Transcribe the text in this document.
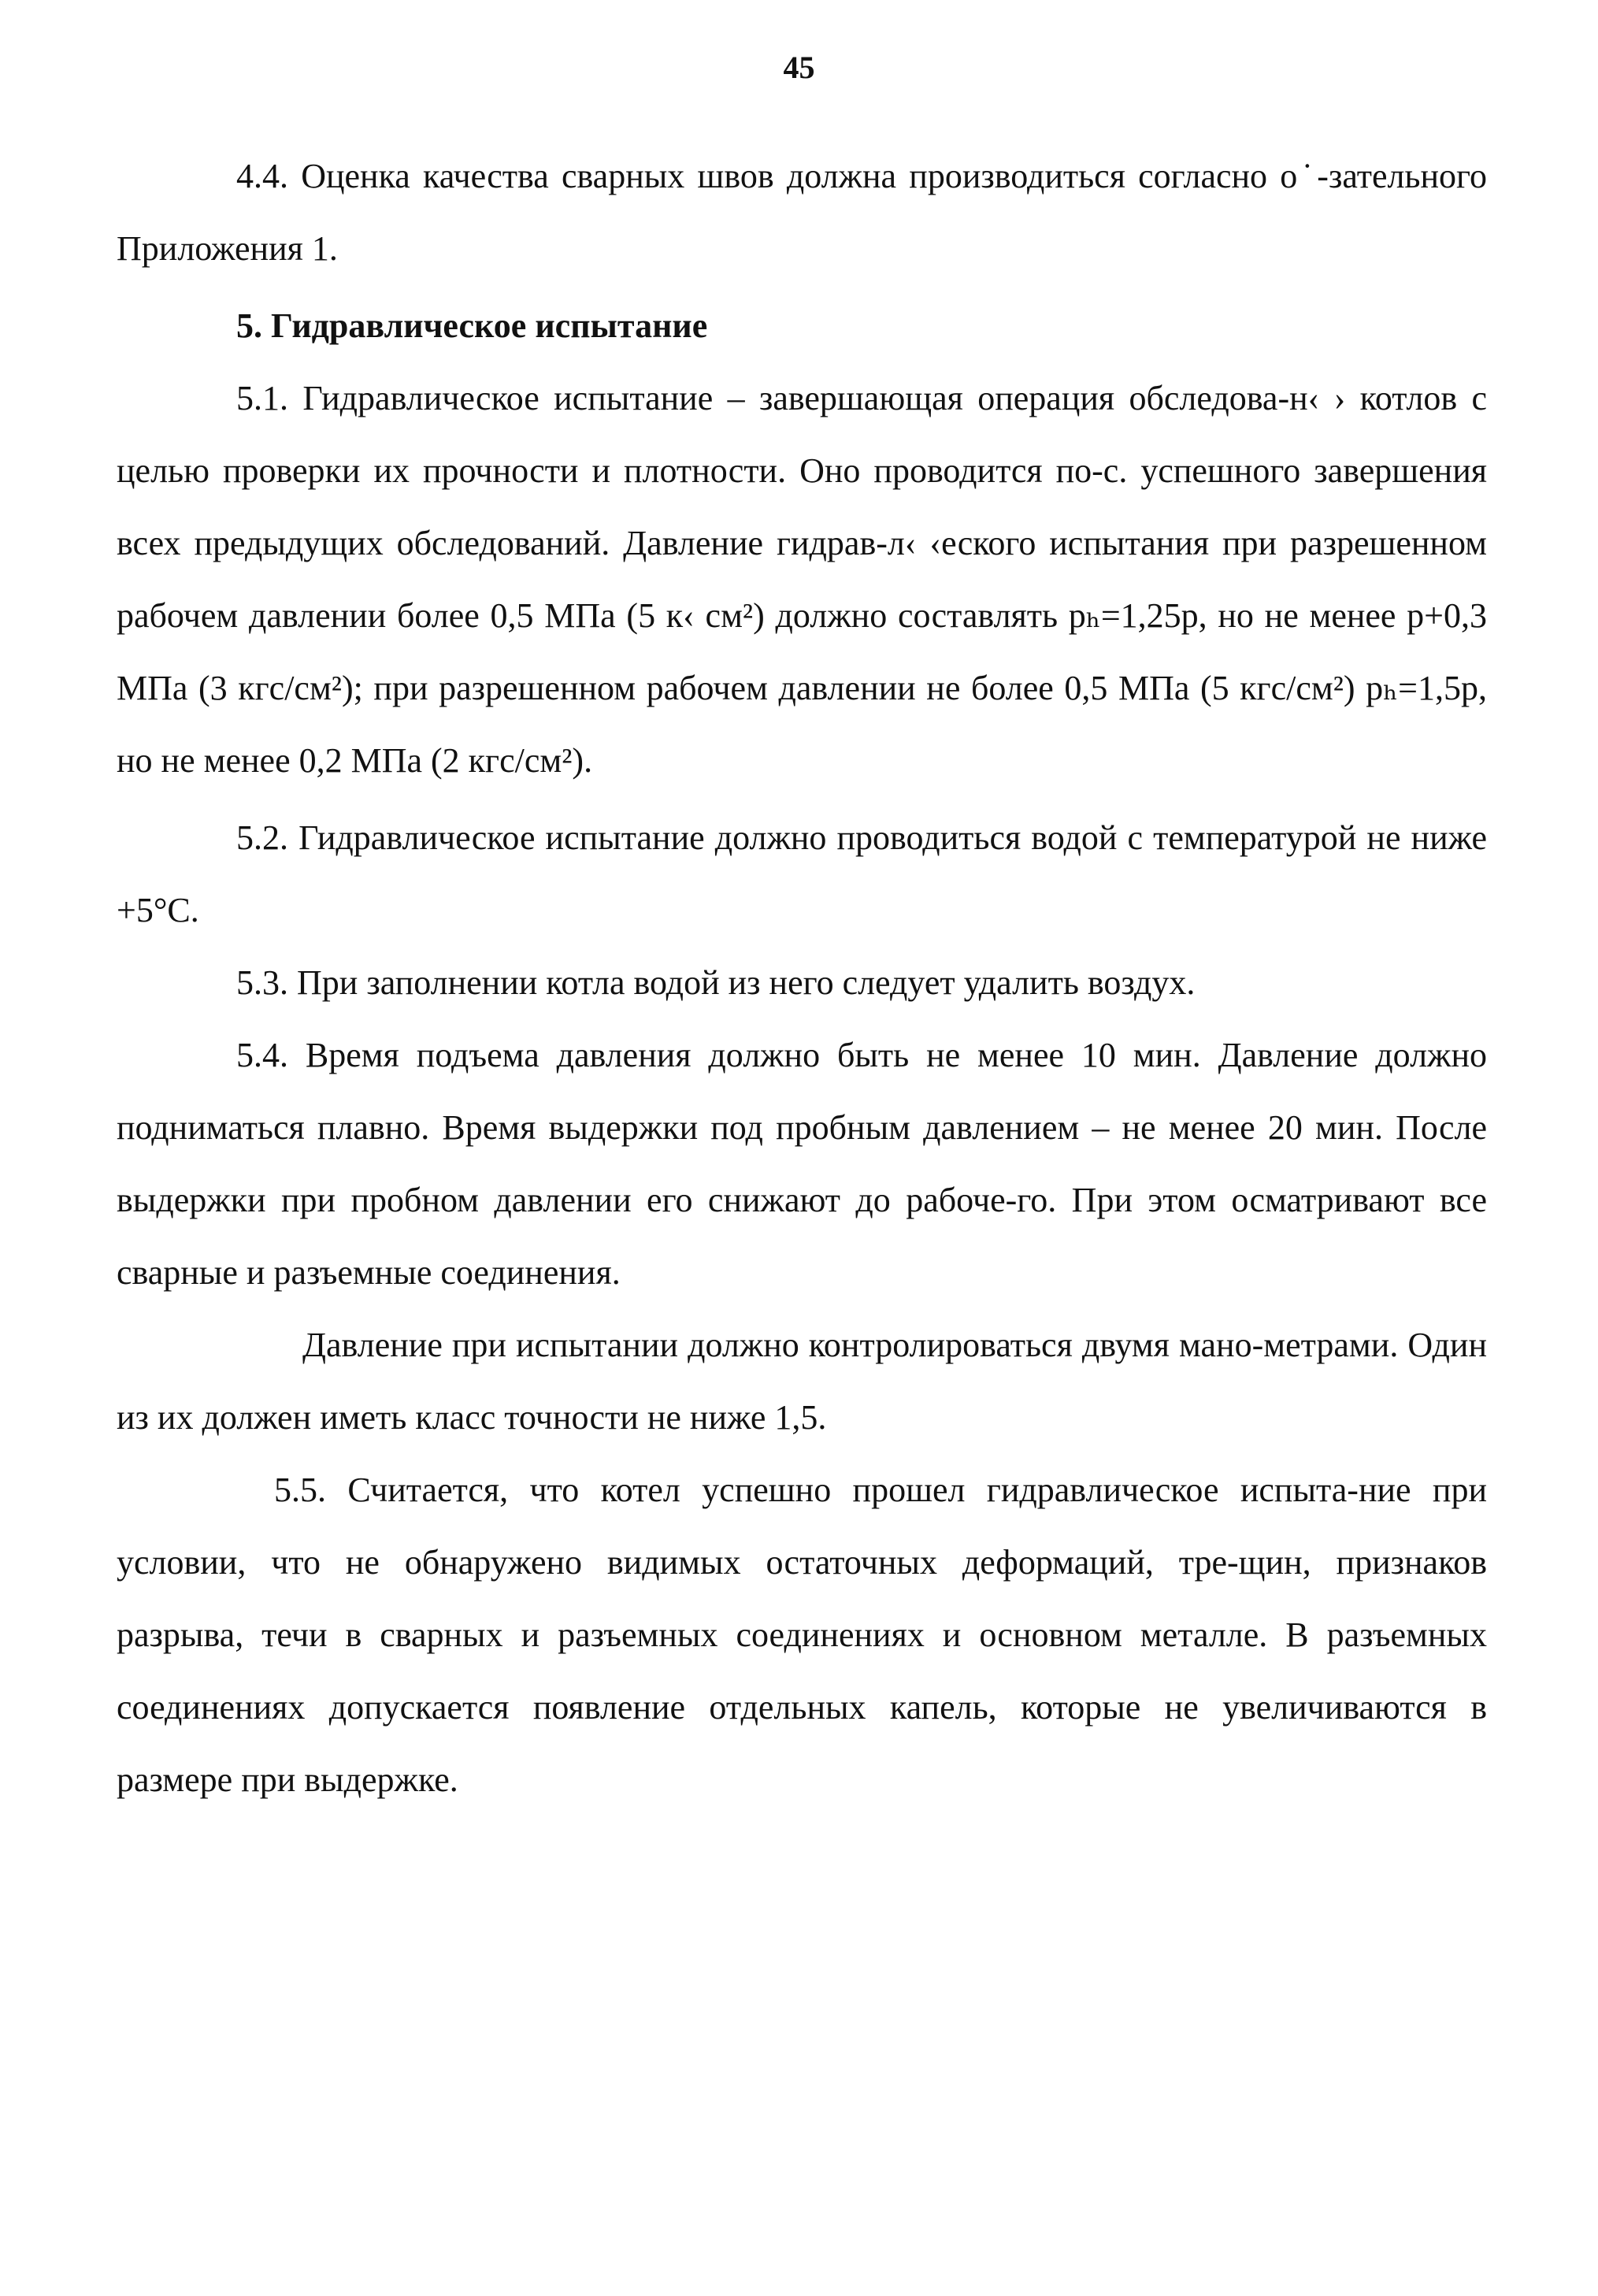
45

4.4. Оценка качества сварных швов должна производиться согласно о˙‑зательного Приложения 1.

5. Гидравлическое испытание

5.1. Гидравлическое испытание – завершающая операция обследова-н‹ › котлов с целью проверки их прочности и плотности. Оно проводится по-с. успешного завершения всех предыдущих обследований. Давление гидрав-л‹ ‹еского испытания при разрешенном рабочем давлении более 0,5 МПа (5 к‹ см²) должно составлять pₕ=1,25р, но не менее р+0,3 МПа (3 кгс/см²); при разрешенном рабочем давлении не более 0,5 МПа (5 кгс/см²) pₕ=1,5р, но не менее 0,2 МПа (2 кгс/см²).

5.2. Гидравлическое испытание должно проводиться водой с температурой не ниже +5°С.

5.3. При заполнении котла водой из него следует удалить воздух.

5.4. Время подъема давления должно быть не менее 10 мин. Давление должно подниматься плавно. Время выдержки под пробным давлением – не менее 20 мин. После выдержки при пробном давлении его снижают до рабоче-го. При этом осматривают все сварные и разъемные соединения.

Давление при испытании должно контролироваться двумя мано-метрами. Один из их должен иметь класс точности не ниже 1,5.

5.5. Считается, что котел успешно прошел гидравлическое испыта-ние при условии, что не обнаружено видимых остаточных деформаций, тре-щин, признаков разрыва, течи в сварных и разъемных соединениях и основном металле. В разъемных соединениях допускается появление отдельных капель, которые не увеличиваются в размере при выдержке.
